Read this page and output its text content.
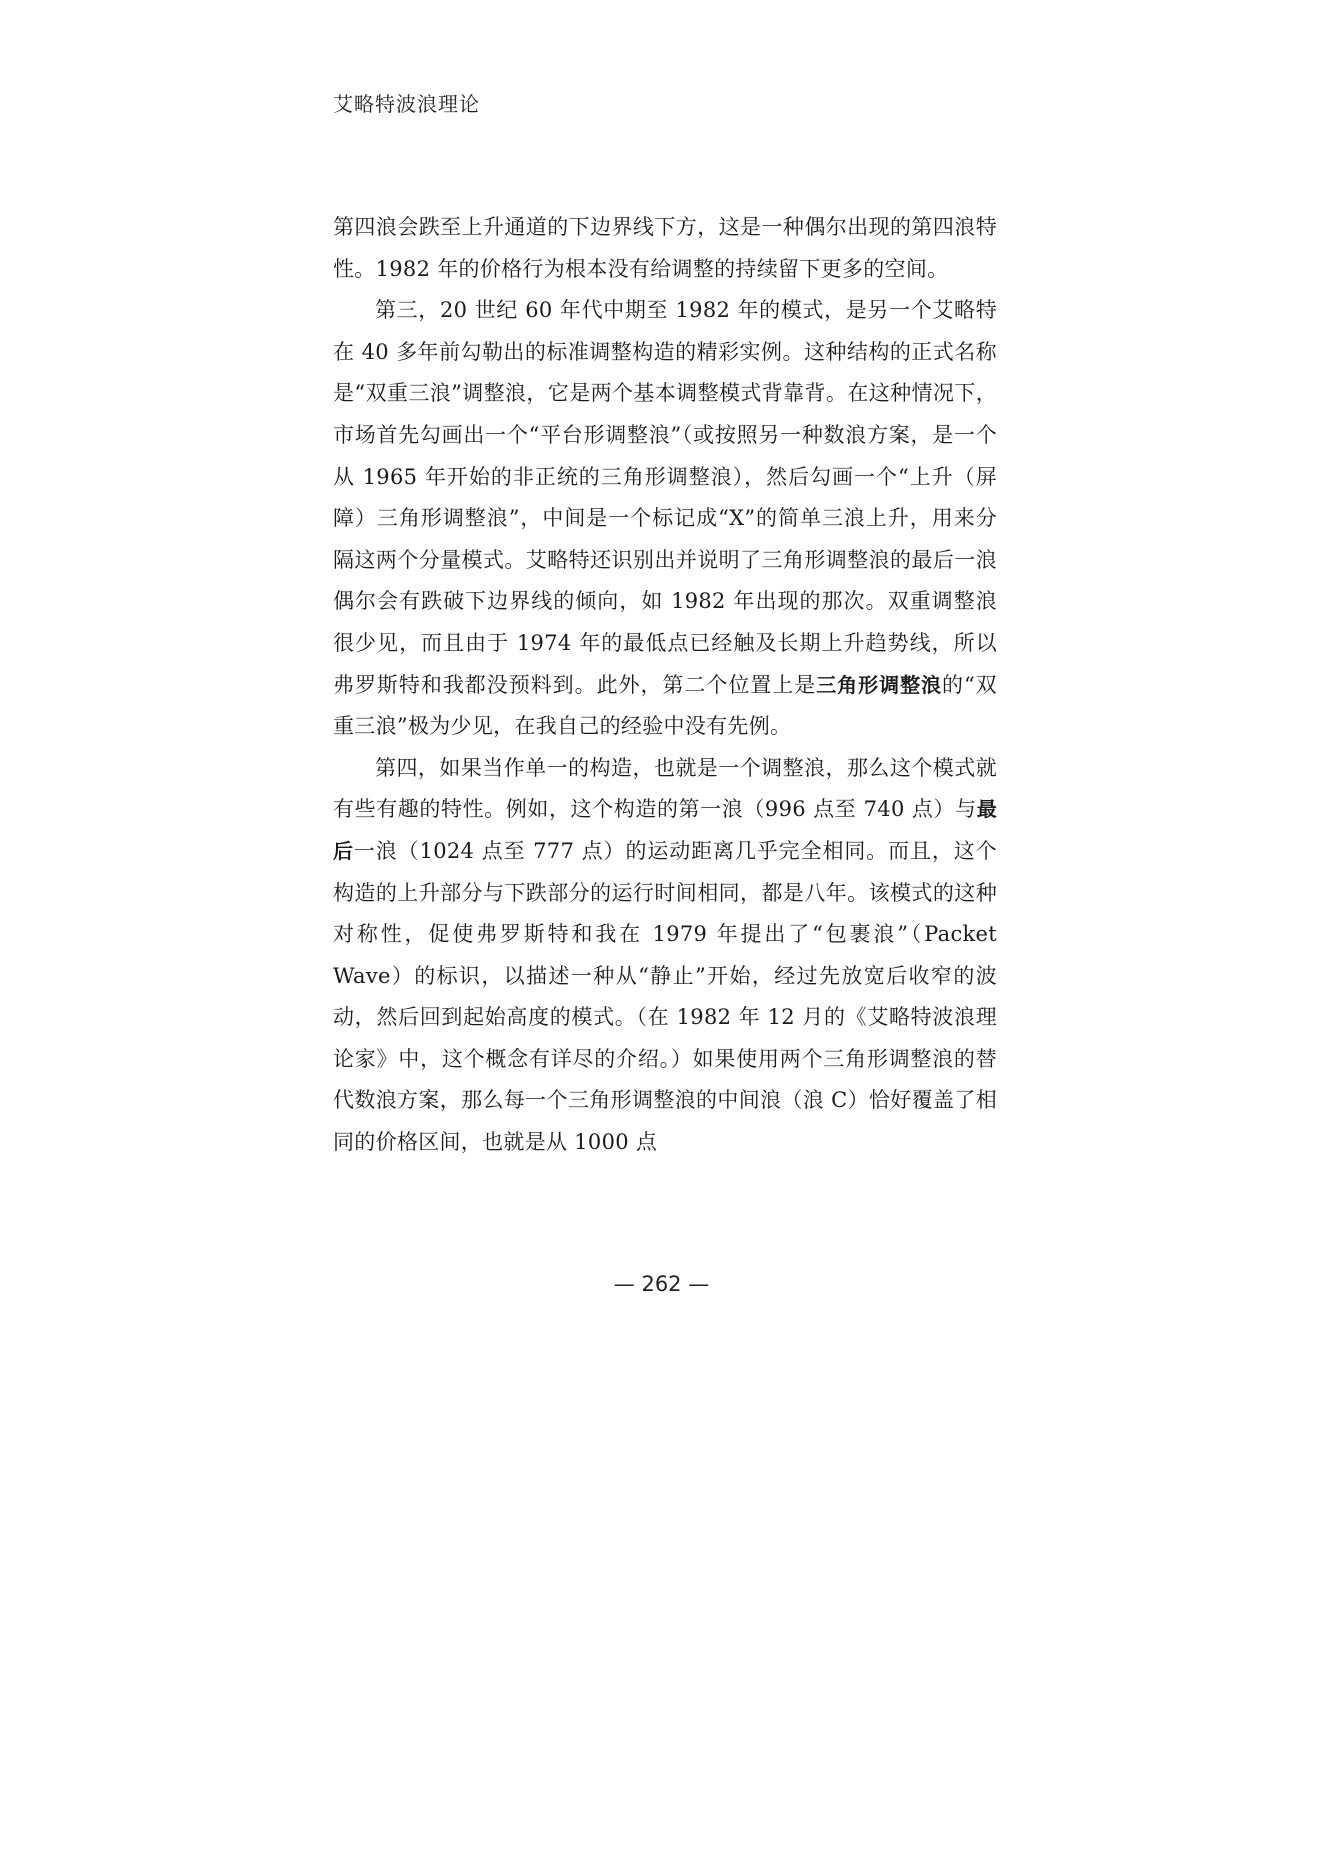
艾略特波浪理论

第四浪会跌至上升通道的下边界线下方，这是一种偶尔出现的第四浪特性。1982 年的价格行为根本没有给调整的持续留下更多的空间。

第三，20 世纪 60 年代中期至 1982 年的模式，是另一个艾略特在 40 多年前勾勒出的标准调整构造的精彩实例。这种结构的正式名称是“双重三浪”调整浪，它是两个基本调整模式背靠背。在这种情况下，市场首先勾画出一个“平台形调整浪”（或按照另一种数浪方案，是一个从 1965 年开始的非正统的三角形调整浪），然后勾画一个“上升（屏障）三角形调整浪”，中间是一个标记成“X”的简单三浪上升，用来分隔这两个分量模式。艾略特还识别出并说明了三角形调整浪的最后一浪偶尔会有跌破下边界线的倾向，如 1982 年出现的那次。双重调整浪很少见，而且由于 1974 年的最低点已经触及长期上升趋势线，所以弗罗斯特和我都没预料到。此外，第二个位置上是三角形调整浪的“双重三浪”极为少见，在我自己的经验中没有先例。

第四，如果当作单一的构造，也就是一个调整浪，那么这个模式就有些有趣的特性。例如，这个构造的第一浪（996 点至 740 点）与最后一浪（1024 点至 777 点）的运动距离几乎完全相同。而且，这个构造的上升部分与下跌部分的运行时间相同，都是八年。该模式的这种对称性，促使弗罗斯特和我在 1979 年提出了“包裹浪”（Packet Wave）的标识，以描述一种从“静止”开始，经过先放宽后收窄的波动，然后回到起始高度的模式。（在 1982 年 12 月的《艾略特波浪理论家》中，这个概念有详尽的介绍。）如果使用两个三角形调整浪的替代数浪方案，那么每一个三角形调整浪的中间浪（浪 C）恰好覆盖了相同的价格区间，也就是从 1000 点

— 262 —
